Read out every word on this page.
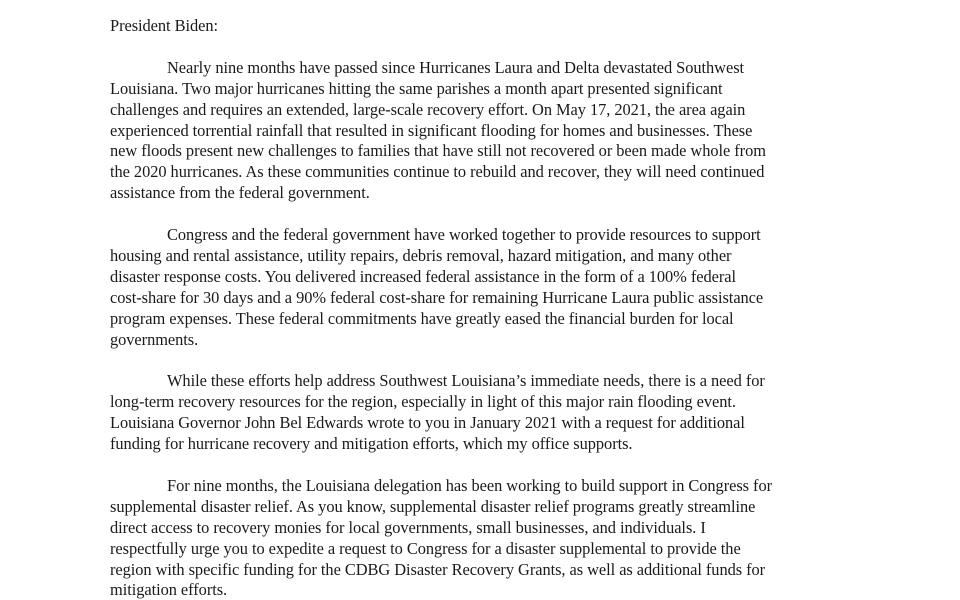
President Biden:

Nearly nine months have passed since Hurricanes Laura and Delta devastated Southwest
Louisiana. Two major hurricanes hitting the same parishes a month apart presented significant
challenges and requires an extended, large-scale recovery effort. On May 17, 2021, the area again
experienced torrential rainfall that resulted in significant flooding for homes and businesses. These
new floods present new challenges to families that have still not recovered or been made whole from
the 2020 hurricanes. As these communities continue to rebuild and recover, they will need continued
assistance from the federal government.
Congress and the federal government have worked together to provide resources to support
housing and rental assistance, utility repairs, debris removal, hazard mitigation, and many other
disaster response costs. You delivered increased federal assistance in the form of a 100% federal
cost-share for 30 days and a 90% federal cost-share for remaining Hurricane Laura public assistance
program expenses. These federal commitments have greatly eased the financial burden for local
governments.
While these efforts help address Southwest Louisiana’s immediate needs, there is a need for
long-term recovery resources for the region, especially in light of this major rain flooding event.
Louisiana Governor John Bel Edwards wrote to you in January 2021 with a request for additional
funding for hurricane recovery and mitigation efforts, which my office supports.
For nine months, the Louisiana delegation has been working to build support in Congress for
supplemental disaster relief. As you know, supplemental disaster relief programs greatly streamline
direct access to recovery monies for local governments, small businesses, and individuals. I
respectfully urge you to expedite a request to Congress for a disaster supplemental to provide the
region with specific funding for the CDBG Disaster Recovery Grants, as well as additional funds for
mitigation efforts.
